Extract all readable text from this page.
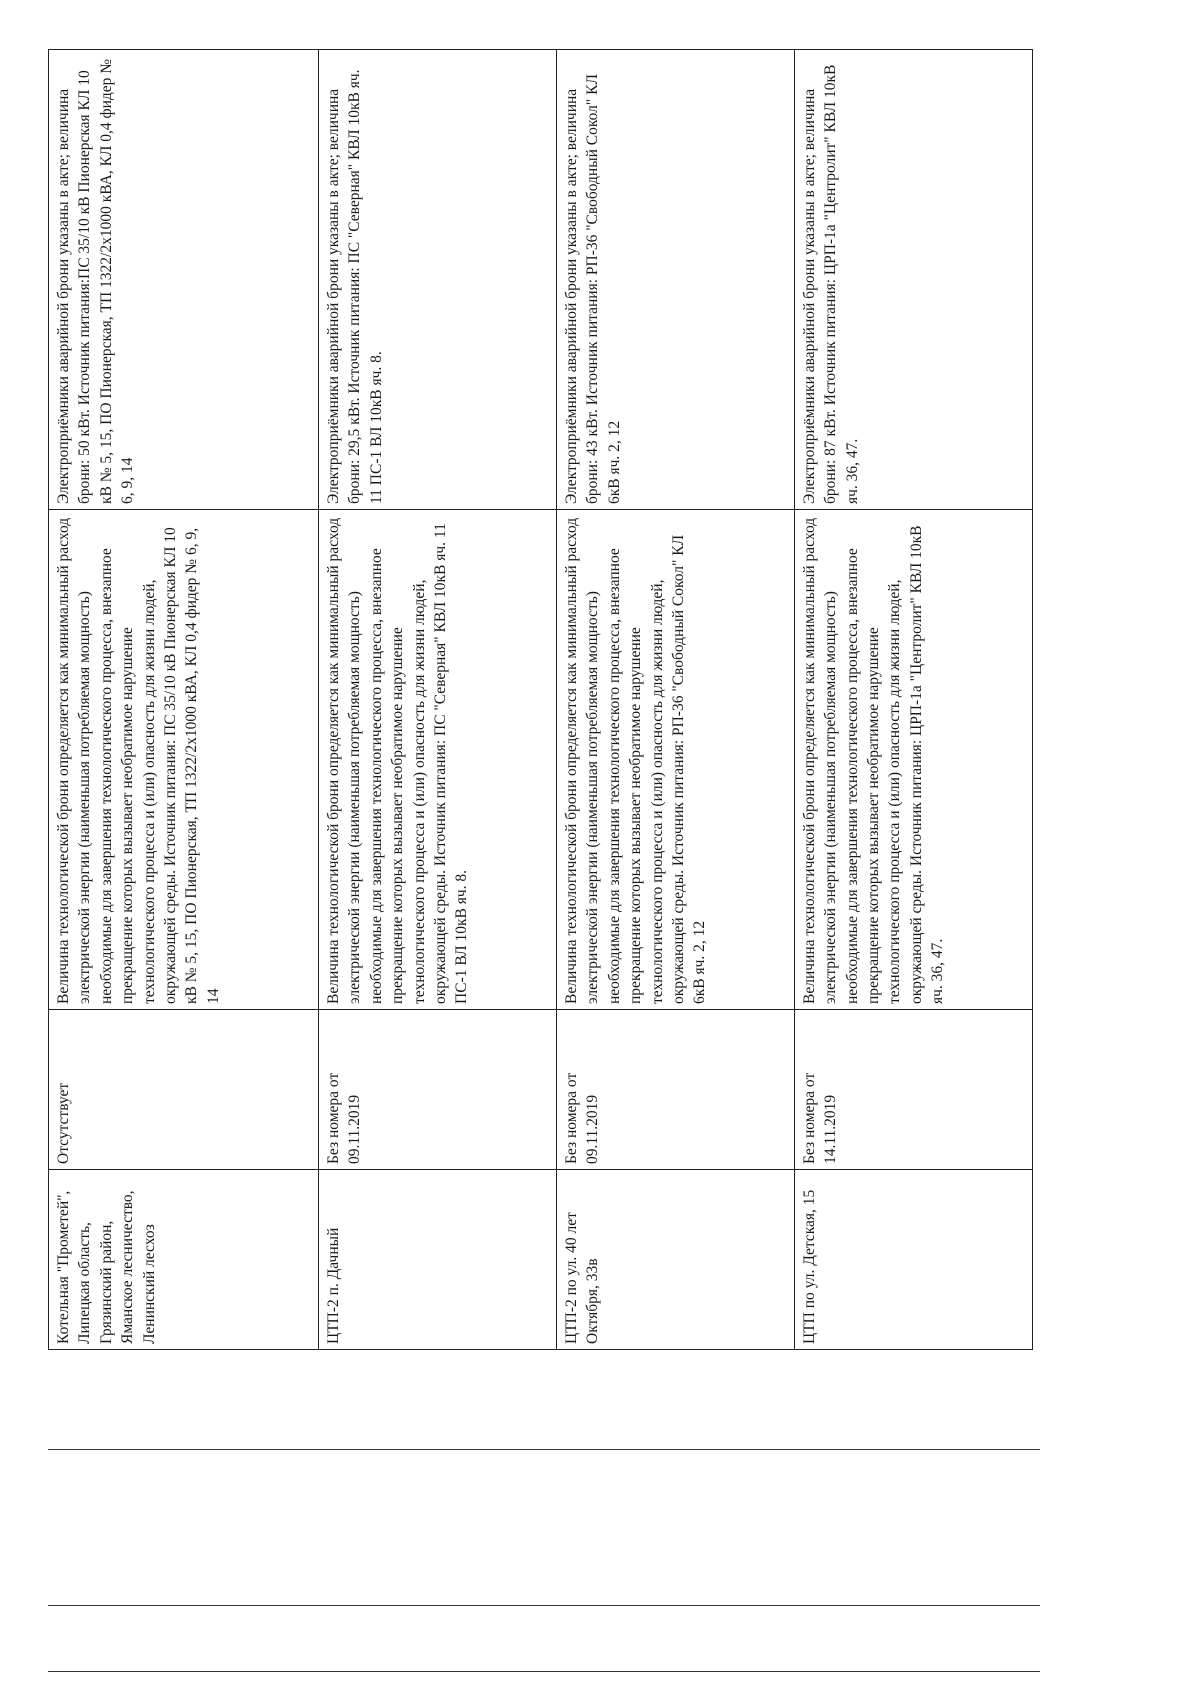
Котельная "Прометей", Липецкая область, Грязинский район, Яманское лесничество, Ленинский лесхоз	Отсутствует	Величина технологической брони определяется как минимальный расход электрической энергии (наименьшая потребляемая мощность) необходимые для завершения технологического процесса, внезапное прекращение которых вызывает необратимое нарушение технологического процесса и (или) опасность для жизни людей, окружающей среды. Источник питания: ПС 35/10 кВ Пионерская КЛ 10 кВ № 5, 15, ПО Пионерская, ТП 1322/2х1000 кВА, КЛ 0,4 фидер № 6, 9, 14	Электроприёмники аварийной брони указаны в акте; величина брони: 50 кВт. Источник питания:ПС 35/10 кВ Пионерская КЛ 10 кВ № 5, 15, ПО Пионерская, ТП 1322/2х1000 кВА, КЛ 0,4 фидер № 6, 9, 14
ЦТП-2 п. Дачный	Без номера от 09.11.2019	Величина технологической брони определяется как минимальный расход электрической энергии (наименьшая потребляемая мощность) необходимые для завершения технологического процесса, внезапное прекращение которых вызывает необратимое нарушение технологического процесса и (или) опасность для жизни людей, окружающей среды. Источник питания: ПС "Северная" КВЛ 10кВ яч. 11 ПС-1 ВЛ 10кВ яч. 8.	Электроприёмники аварийной брони указаны в акте; величина брони: 29,5 кВт. Источник питания: ПС "Северная" КВЛ 10кВ яч. 11 ПС-1 ВЛ 10кВ яч. 8.
ЦТП-2 по ул. 40 лет Октября, 33в	Без номера от 09.11.2019	Величина технологической брони определяется как минимальный расход электрической энергии (наименьшая потребляемая мощность) необходимые для завершения технологического процесса, внезапное прекращение которых вызывает необратимое нарушение технологического процесса и (или) опасность для жизни людей, окружающей среды. Источник питания: РП-36 "Свободный Сокол" КЛ 6кВ яч. 2, 12	Электроприёмники аварийной брони указаны в акте; величина брони: 43 кВт. Источник питания: РП-36 "Свободный Сокол" КЛ 6кВ яч. 2, 12
ЦТП по ул. Детская, 15	Без номера от 14.11.2019	Величина технологической брони определяется как минимальный расход электрической энергии (наименьшая потребляемая мощность) необходимые для завершения технологического процесса, внезапное прекращение которых вызывает необратимое нарушение технологического процесса и (или) опасность для жизни людей, окружающей среды. Источник питания: ЦРП-1а "Центролит" КВЛ 10кВ яч. 36, 47.	Электроприёмники аварийной брони указаны в акте; величина брони: 87 кВт. Источник питания: ЦРП-1а "Центролит" КВЛ 10кВ яч. 36, 47.
